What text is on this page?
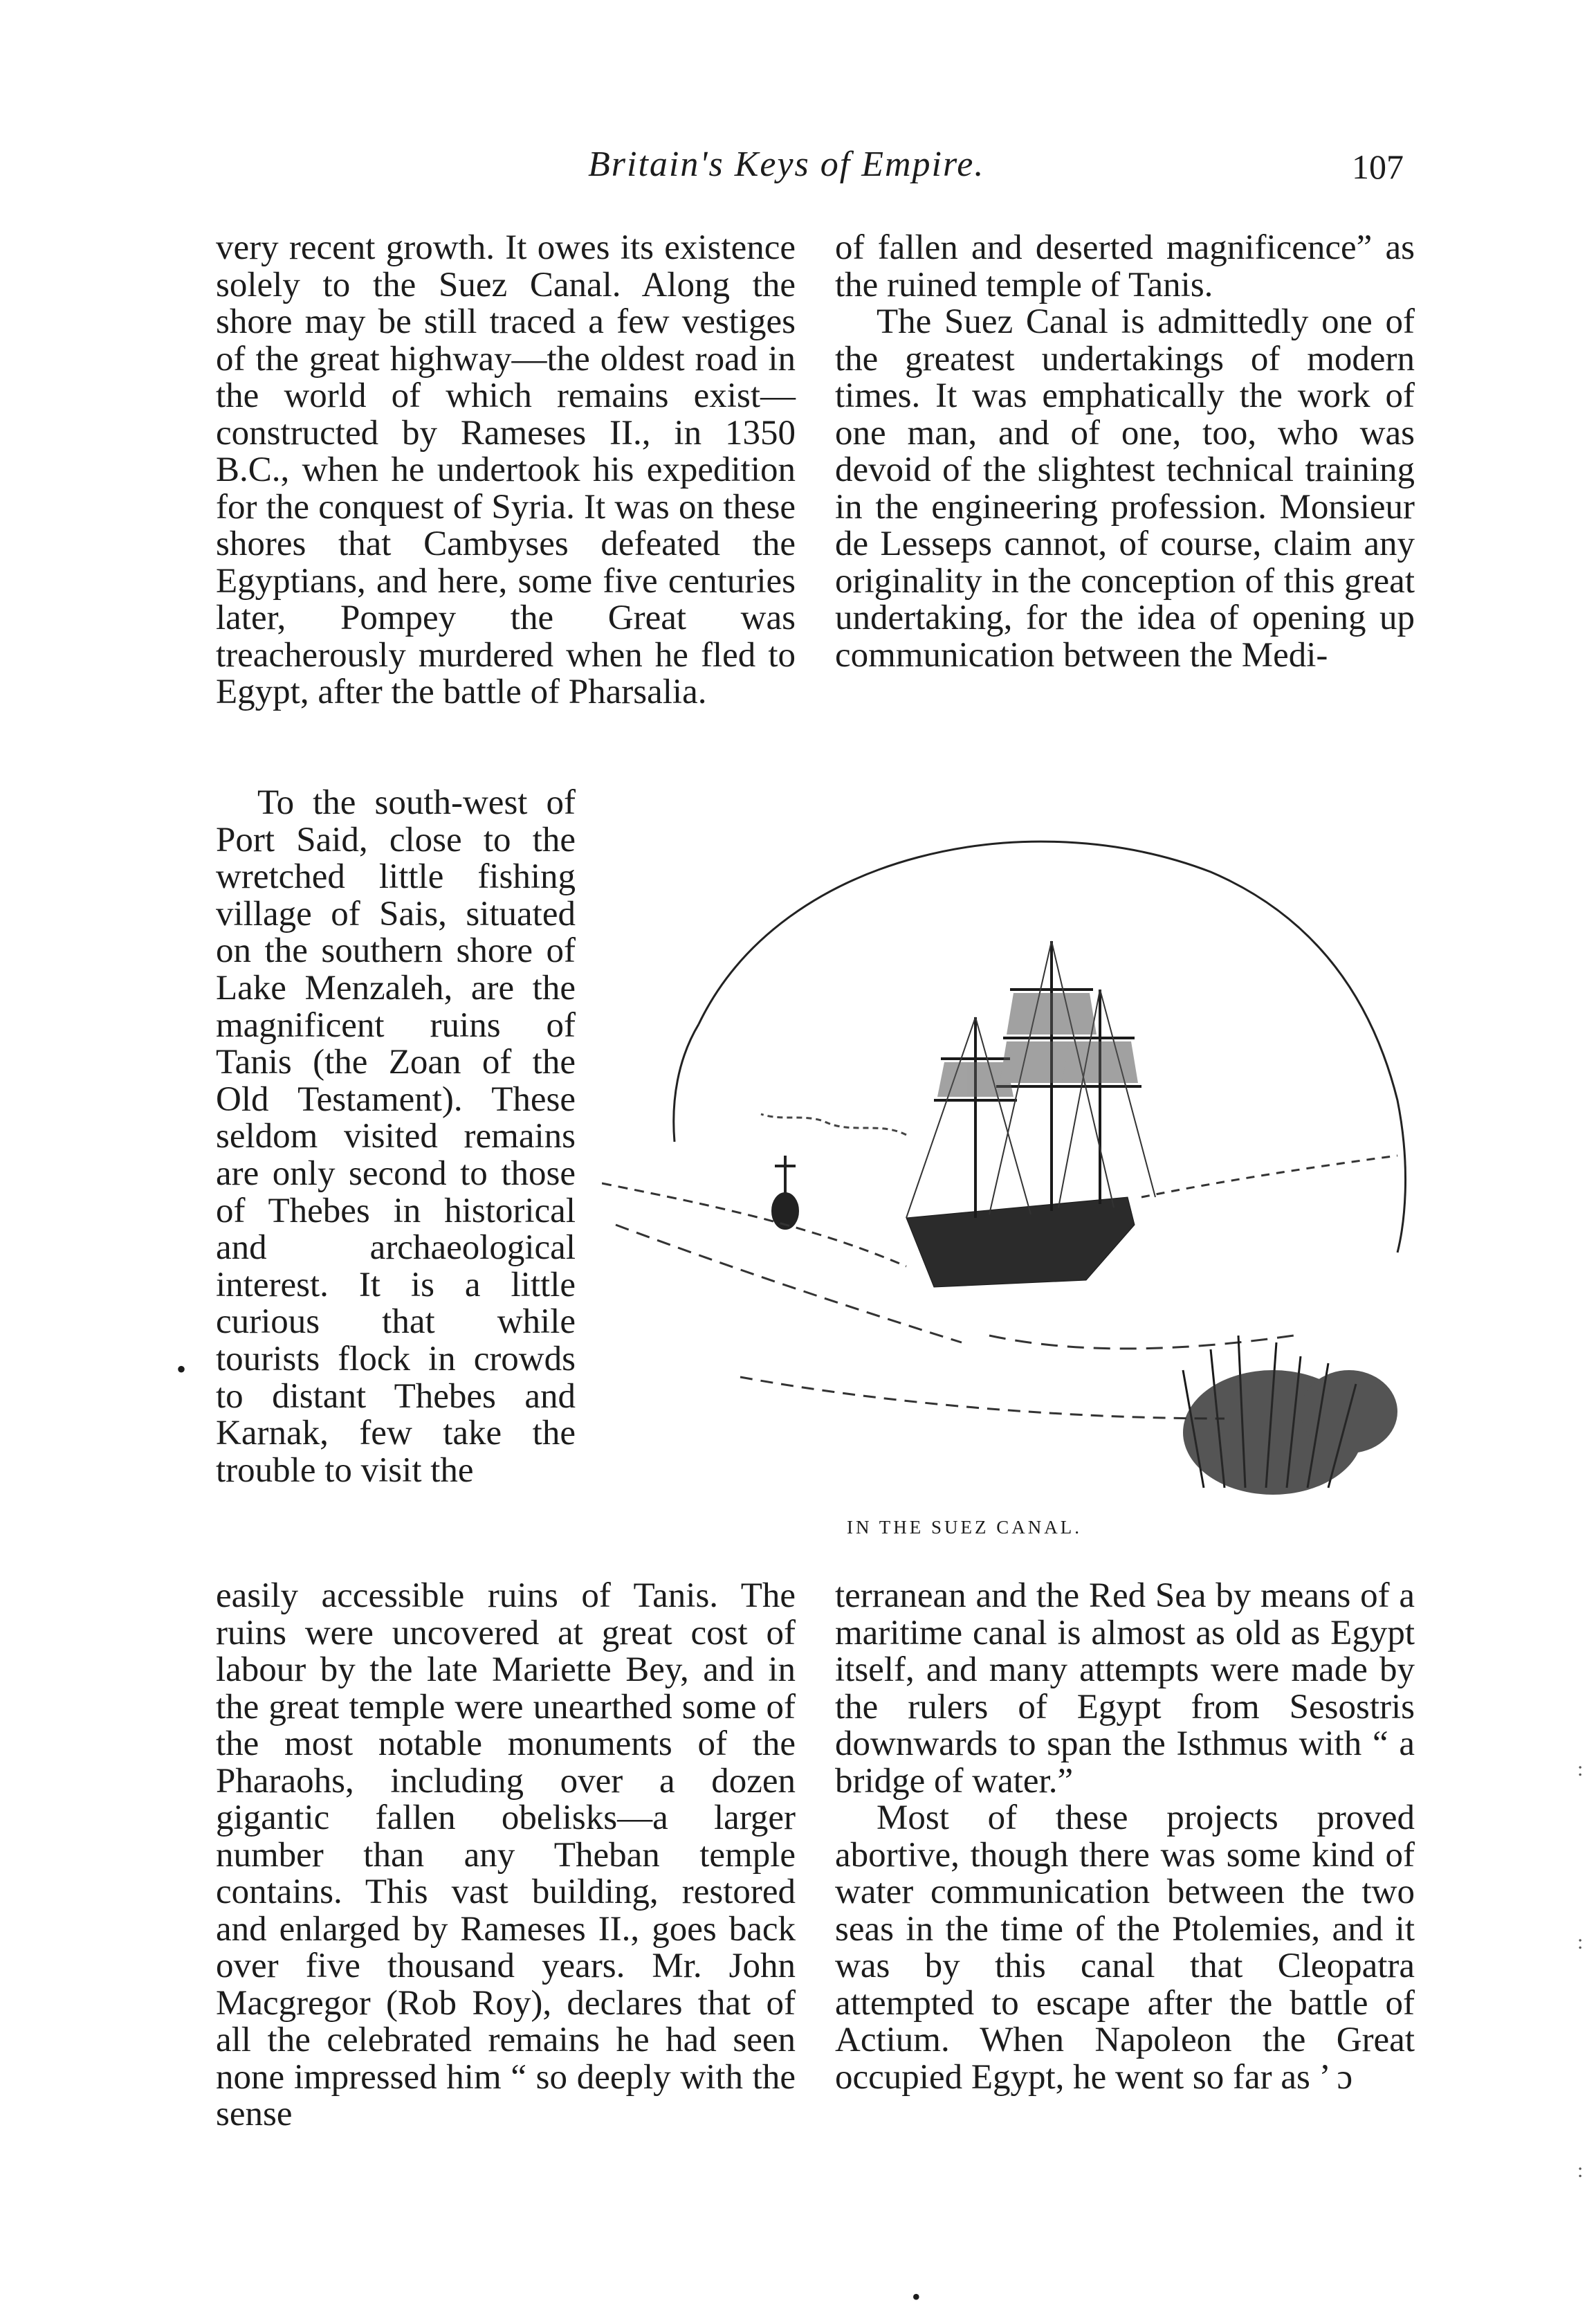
Britain's Keys of Empire.	107

very recent growth. It owes its existence solely to the Suez Canal. Along the shore may be still traced a few vestiges of the great highway—the oldest road in the world of which remains exist—constructed by Rameses II., in 1350 B.C., when he undertook his expedition for the conquest of Syria. It was on these shores that Cambyses defeated the Egyptians, and here, some five centuries later, Pompey the Great was treacherously murdered when he fled to Egypt, after the battle of Pharsalia.

To the south-west of Port Said, close to the wretched little fishing village of Sais, situated on the southern shore of Lake Menzaleh, are the magnificent ruins of Tanis (the Zoan of the Old Testament). These seldom visited remains are only second to those of Thebes in historical and archaeological interest. It is a little curious that while tourists flock in crowds to distant Thebes and Karnak, few take the trouble to visit the

of fallen and deserted magnificence” as the ruined temple of Tanis.

The Suez Canal is admittedly one of the greatest undertakings of modern times. It was emphatically the work of one man, and of one, too, who was devoid of the slightest technical training in the engineering profession. Monsieur de Lesseps cannot, of course, claim any originality in the conception of this great undertaking, for the idea of opening up communication between the Medi-

IN THE SUEZ CANAL.

easily accessible ruins of Tanis. The ruins were uncovered at great cost of labour by the late Mariette Bey, and in the great temple were unearthed some of the most notable monuments of the Pharaohs, including over a dozen gigantic fallen obelisks—a larger number than any Theban temple contains. This vast building, restored and enlarged by Rameses II., goes back over five thousand years. Mr. John Macgregor (Rob Roy), declares that of all the celebrated remains he had seen none impressed him “ so deeply with the sense

terranean and the Red Sea by means of a maritime canal is almost as old as Egypt itself, and many attempts were made by the rulers of Egypt from Sesostris downwards to span the Isthmus with “ a bridge of water.”

Most of these projects proved abortive, though there was some kind of water communication between the two seas in the time of the Ptolemies, and it was by this canal that Cleopatra attempted to escape after the battle of Actium. When Napoleon the Great occupied Egypt, he went so far as ’ ɔ

•
•
:
:
:
